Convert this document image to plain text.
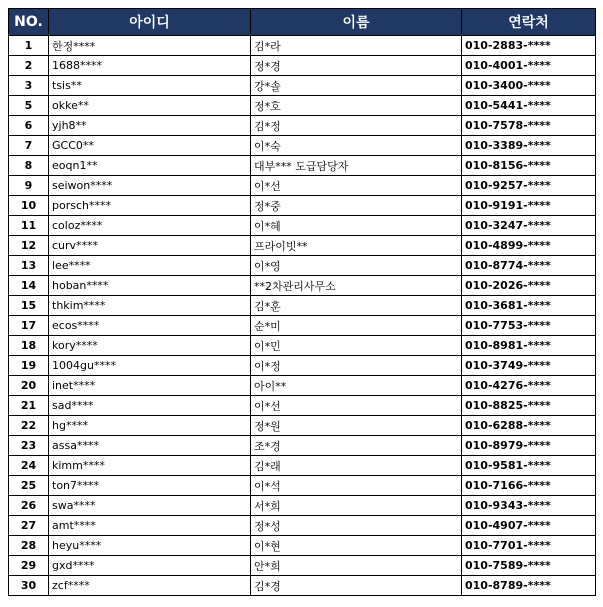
NO.	아이디	이름	연락처
1	한정****	김*라	010-2883-****
2	1688****	정*경	010-4001-****
3	tsis**	강*솔	010-3400-****
5	okke**	정*호	010-5441-****
6	yjh8**	김*정	010-7578-****
7	GCC0**	이*숙	010-3389-****
8	eoqn1**	대부*** 도급담당자	010-8156-****
9	seiwon****	이*선	010-9257-****
10	porsch****	정*중	010-9191-****
11	coloz****	이*혜	010-3247-****
12	curv****	프라이빗**	010-4899-****
13	lee****	이*영	010-8774-****
14	hoban****	**2차관리사무소	010-2026-****
15	thkim****	김*훈	010-3681-****
17	ecos****	순*미	010-7753-****
18	kory****	이*민	010-8981-****
19	1004gu****	이*정	010-3749-****
20	inet****	아이**	010-4276-****
21	sad****	이*선	010-8825-****
22	hg****	정*원	010-6288-****
23	assa****	조*경	010-8979-****
24	kimm****	김*래	010-9581-****
25	ton7****	이*석	010-7166-****
26	swa****	서*희	010-9343-****
27	amt****	정*성	010-4907-****
28	heyu****	이*현	010-7701-****
29	gxd****	안*희	010-7589-****
30	zcf****	김*경	010-8789-****
